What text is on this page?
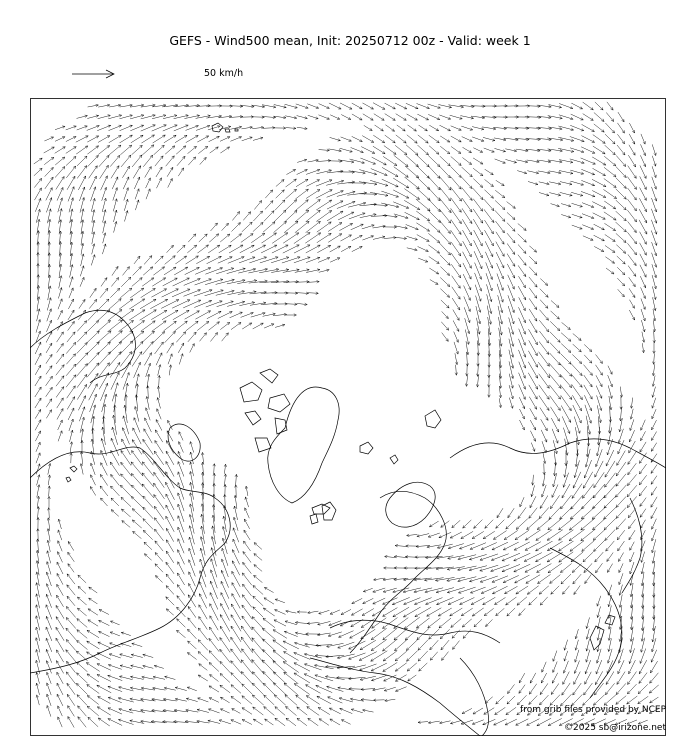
GEFS - Wind500 mean, Init: 20250712 00z - Valid: week 1
50 km/h
from grib files provided by NCEP
©2025 sb@irizone.net
